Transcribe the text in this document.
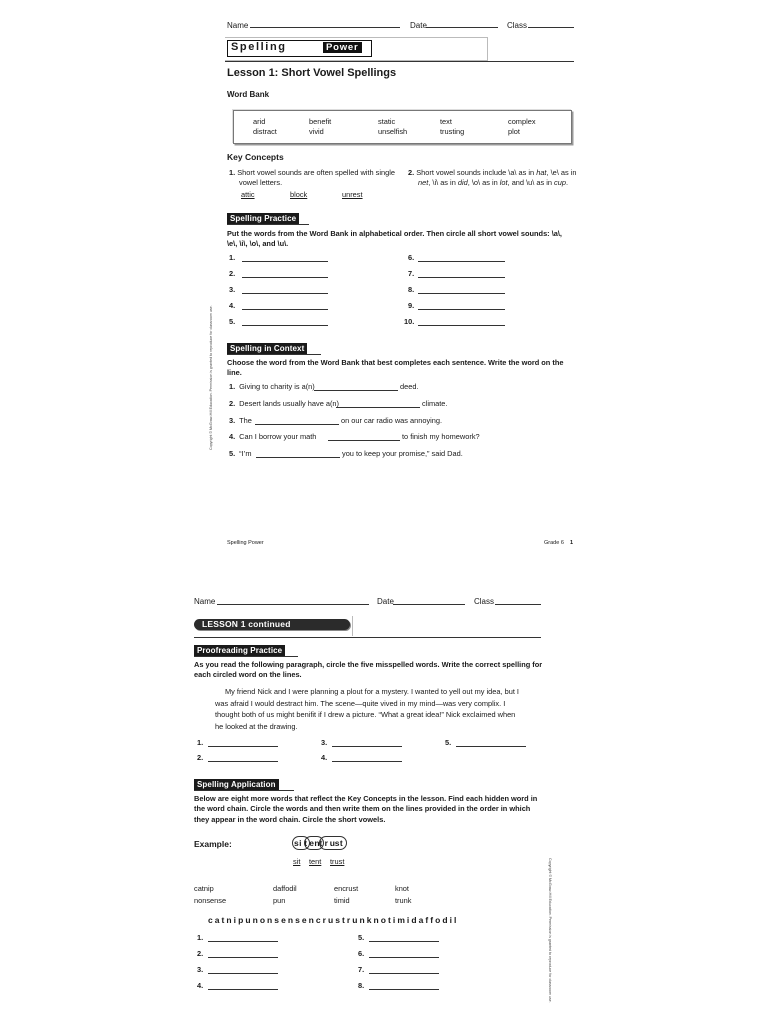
Name	Date	Class
Spelling	Power
Lesson 1: Short Vowel Spellings
Word Bank
arid	benefit	static	text	complex
distract	vivid	unselfish	trusting	plot
Key Concepts
1. Short vowel sounds are often spelled with single
vowel letters.
attic	block	unrest
2. Short vowel sounds include \a\ as in hat, \e\ as in
net, \i\ as in did, \o\ as in lot, and \u\ as in cup.
Spelling Practice
Put the words from the Word Bank in alphabetical order. Then circle all short vowel sounds: \a\,
\e\, \i\, \o\, and \u\.
1.
2.
3.
4.
5.
6.
7.
8.
9.
10.
Spelling in Context
Choose the word from the Word Bank that best completes each sentence. Write the word on the
line.
1. Giving to charity is a(n)	deed.
2. Desert lands usually have a(n)	climate.
3. The	on our car radio was annoying.
4. Can I borrow your math	to finish my homework?
5. “I’m	you to keep your promise,” said Dad.
Copyright © McGraw-Hill Education. Permission is granted to reproduce for classroom use.
Spelling Power	Grade 6 1
Name	Date	Class
LESSON 1 continued
Proofreading Practice
As you read the following paragraph, circle the five misspelled words. Write the correct spelling for
each circled word on the lines.
My friend Nick and I were planning a plout for a mystery. I wanted to yell out my idea, but I
was afraid I would destract him. The scene—quite vived in my mind—was very complix. I
thought both of us might benifit if I drew a picture. “What a great idea!” Nick exclaimed when
he looked at the drawing.
1.
2.
3.
4.
5.
Spelling Application
Below are eight more words that reflect the Key Concepts in the lesson. Find each hidden word in
the word chain. Circle the words and then write them on the lines provided in the order in which
they appear in the word chain. Circle the short vowels.
Example:	s i t e n t r u s t
sit tent trust
catnip	daffodil	encrust	knot
nonsense	pun	timid	trunk
catnipunonsensencrustrunknotimidaffodil
1.
2.
3.
4.
5.
6.
7.
8.	Copyright © McGraw-Hill Education. Permission is granted to reproduce for classroom use.
